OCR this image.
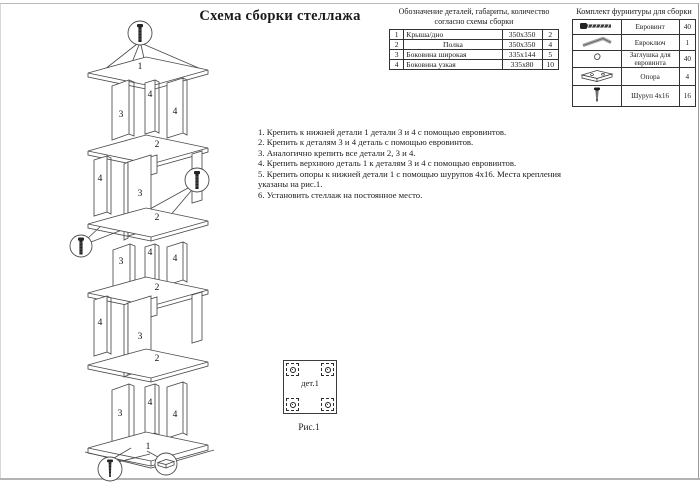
Схема сборки стеллажа	Обозначение деталей, габариты, количество
согласно схемы сборки
1	Крыша/дно	350х350	2
2	Полка	350х350	4
3	Боковина широкая	335х144	5
4	Боковина узкая	335х80	10
Комплект фурнитуры для сборки
	Евровинт	40
	Евроключ	1
	Заглушка для евровинта	40
	Опора	4
	Шуруп 4х16	16
1. Крепить к нижней детали 1 детали 3 и 4 с помощью евровинтов.
2. Крепить к деталям 3 и 4 деталь с помощью евровинтов.
3. Аналогично крепить все детали 2, 3 и 4.
4. Крепить верхнюю деталь 1 к деталям 3 и 4 с помощью евровинтов.
5. Крепить опоры к нижней детали 1 с помощью шурупов 4х16. Места крепления указаны на рис.1.
6. Установить стеллаж на постоянное место.
1
3
4
4
2
4
3
2
3
4
4
2
4
3
2
3
4
4
1
дет.1
Рис.1
